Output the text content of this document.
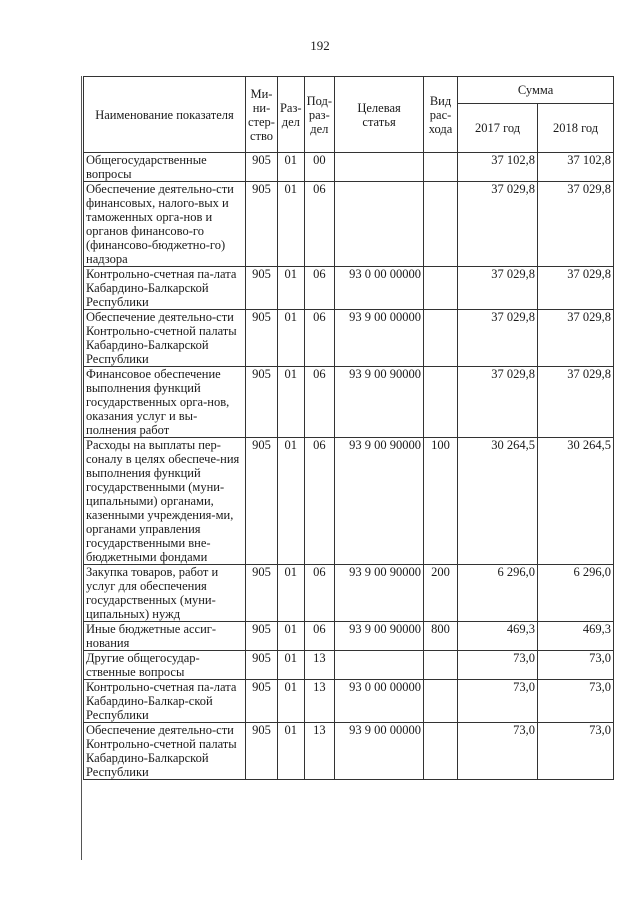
192
Наименование показателя	Ми-
ни-
стер-
ство	Раз-
дел	Под-
раз-
дел	Целевая
статья	Вид
рас-
хода	Сумма	
						2017 год	2018 год
Общегосударственные вопросы	905	01	00			37 102,8	37 102,8
Обеспечение деятельно-сти финансовых, налого-вых и таможенных орга-нов и органов финансово-го (финансово-бюджетно-го) надзора	905	01	06			37 029,8	37 029,8
Контрольно-счетная па-лата Кабардино-Балкарской Республики	905	01	06	93 0 00 00000		37 029,8	37 029,8
Обеспечение деятельно-сти Контрольно-счетной палаты Кабардино-Балкарской Республики	905	01	06	93 9 00 00000		37 029,8	37 029,8
Финансовое обеспечение выполнения функций государственных орга-нов, оказания услуг и вы-полнения работ	905	01	06	93 9 00 90000		37 029,8	37 029,8
Расходы на выплаты пер-соналу в целях обеспече-ния выполнения функций государственными (муни-ципальными) органами, казенными учреждения-ми, органами управления государственными вне-бюджетными фондами	905	01	06	93 9 00 90000	100	30 264,5	30 264,5
Закупка товаров, работ и услуг для обеспечения государственных (муни-ципальных) нужд	905	01	06	93 9 00 90000	200	6 296,0	6 296,0
Иные бюджетные ассиг-нования	905	01	06	93 9 00 90000	800	469,3	469,3
Другие общегосудар-ственные вопросы	905	01	13			73,0	73,0
Контрольно-счетная па-лата Кабардино-Балкар-ской Республики	905	01	13	93 0 00 00000		73,0	73,0
Обеспечение деятельно-сти Контрольно-счетной палаты Кабардино-Балкарской Республики	905	01	13	93 9 00 00000		73,0	73,0
